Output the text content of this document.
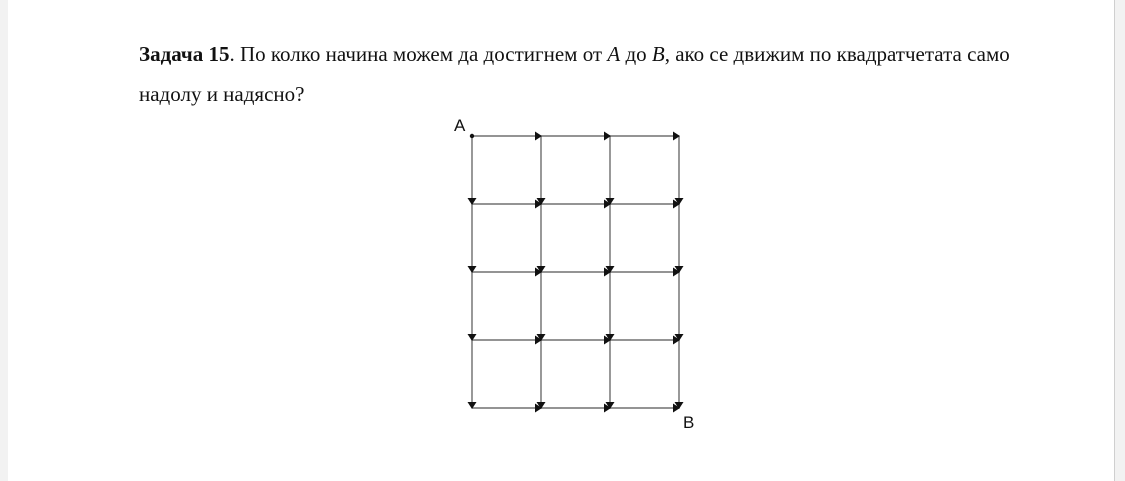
Задача 15. По колко начина можем да достигнем от A до B, ако се движим по квадратчетата само надолу и надясно?
A
B
